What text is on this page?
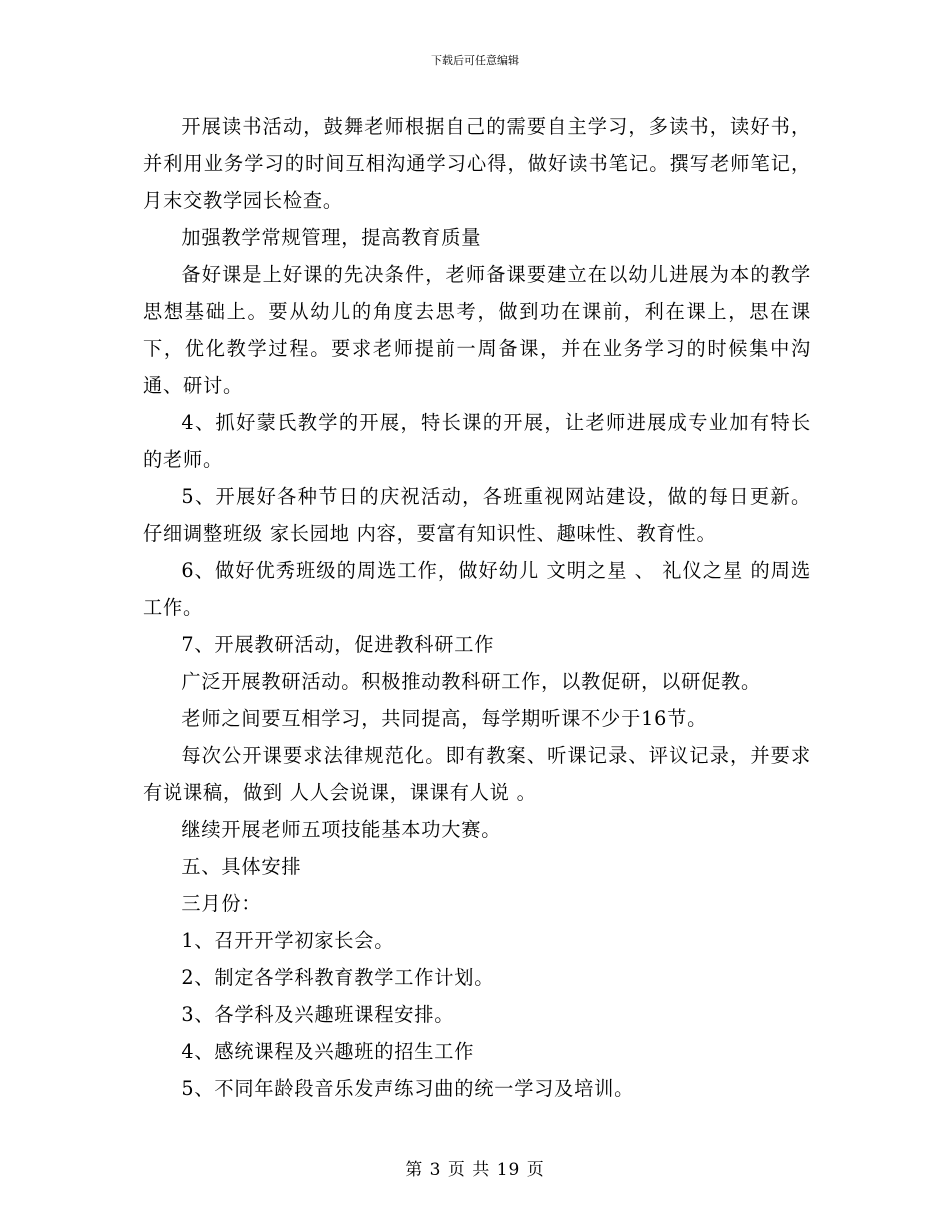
下载后可任意编辑

开展读书活动，鼓舞老师根据自己的需要自主学习，多读书，读好书，并利用业务学习的时间互相沟通学习心得，做好读书笔记。撰写老师笔记，月末交教学园长检查。

加强教学常规管理，提高教育质量

备好课是上好课的先决条件，老师备课要建立在以幼儿进展为本的教学思想基础上。要从幼儿的角度去思考，做到功在课前，利在课上，思在课下，优化教学过程。要求老师提前一周备课，并在业务学习的时候集中沟通、研讨。

4、抓好蒙氏教学的开展，特长课的开展，让老师进展成专业加有特长的老师。

5、开展好各种节日的庆祝活动，各班重视网站建设，做的每日更新。仔细调整班级 家长园地 内容，要富有知识性、趣味性、教育性。

6、做好优秀班级的周选工作，做好幼儿 文明之星 、 礼仪之星 的周选工作。

7、开展教研活动，促进教科研工作

广泛开展教研活动。积极推动教科研工作，以教促研，以研促教。

老师之间要互相学习，共同提高，每学期听课不少于16节。

每次公开课要求法律规范化。即有教案、听课记录、评议记录，并要求有说课稿，做到 人人会说课，课课有人说 。

继续开展老师五项技能基本功大赛。

五、具体安排

三月份：

1、召开开学初家长会。

2、制定各学科教育教学工作计划。

3、各学科及兴趣班课程安排。

4、感统课程及兴趣班的招生工作

5、不同年龄段音乐发声练习曲的统一学习及培训。

第 3 页 共 19 页
